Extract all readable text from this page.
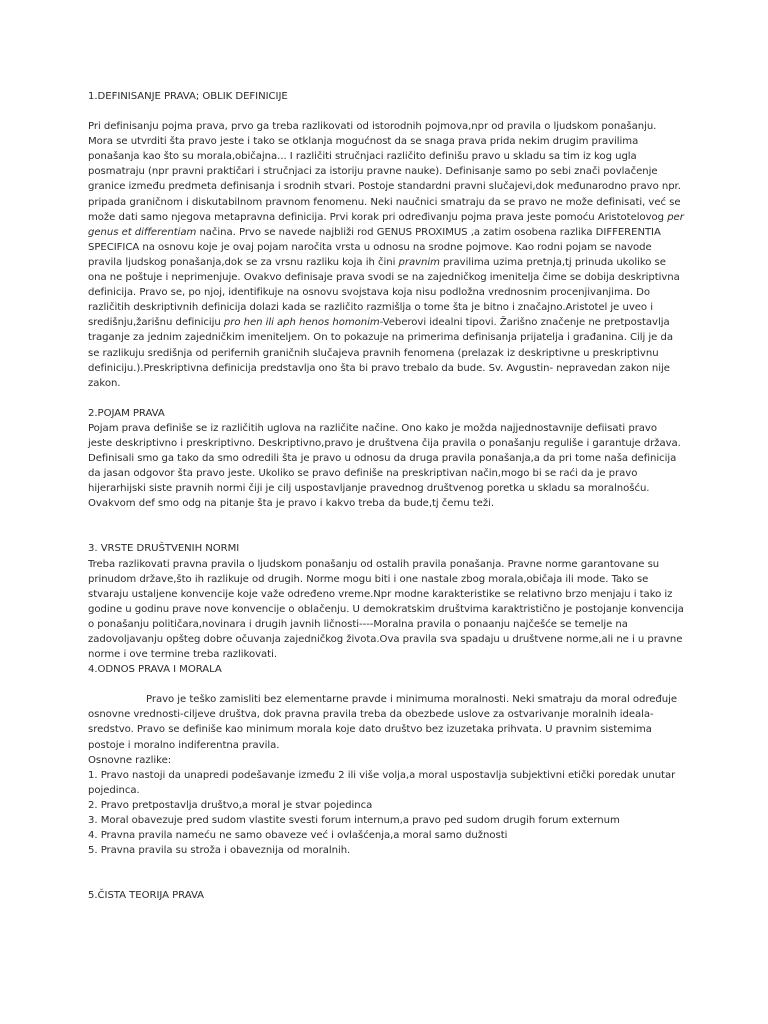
1.DEFINISANJE PRAVA; OBLIK DEFINICIJE

Pri definisanju pojma prava, prvo ga treba razlikovati od istorodnih pojmova,npr od pravila o ljudskom ponašanju. Mora se utvrditi šta pravo jeste i tako se otklanja mogućnost da se snaga prava prida nekim drugim pravilima ponašanja kao što su morala,običajna... I različiti stručnjaci različito definišu pravo u skladu sa tim iz kog ugla posmatraju (npr pravni praktičari i stručnjaci za istoriju pravne nauke). Definisanje samo po sebi znači povlačenje granice između predmeta definisanja i srodnih stvari. Postoje standardni pravni slučajevi,dok međunarodno pravo npr. pripada graničnom i diskutabilnom pravnom fenomenu. Neki naučnici smatraju da se pravo ne može definisati, već se može dati samo njegova metapravna definicija. Prvi korak pri određivanju pojma prava jeste pomoću Aristotelovog per genus et differentiam načina. Prvo se navede najbliži rod GENUS PROXIMUS ,a zatim osobena razlika DIFFERENTIA SPECIFICA na osnovu koje je ovaj pojam naročita vrsta u odnosu na srodne pojmove. Kao rodni pojam se navode pravila ljudskog ponašanja,dok se za vrsnu razliku koja ih čini pravnim pravilima uzima pretnja,tj prinuda ukoliko se ona ne poštuje i neprimenjuje. Ovakvo definisaje prava svodi se na zajedničkog imenitelja čime se dobija deskriptivna definicija. Pravo se, po njoj, identifikuje na osnovu svojstava koja nisu podložna vrednosnim procenjivanjima. Do različitih deskriptivnih definicija dolazi kada se različito razmišlja o tome šta je bitno i značajno.Aristotel je uveo i središnju,žarišnu definiciju pro hen ili aph henos homonim-Veberovi idealni tipovi. Žarišno značenje ne pretpostavlja traganje za jednim zajedničkim imeniteljem. On to pokazuje na primerima definisanja prijatelja i građanina. Cilj je da se razlikuju središnja od perifernih graničnih slučajeva pravnih fenomena (prelazak iz deskriptivne u preskriptivnu definiciju.).Preskriptivna definicija predstavlja ono šta bi pravo trebalo da bude. Sv. Avgustin- nepravedan zakon nije zakon.

2.POJAM PRAVA

Pojam prava definiše se iz različitih uglova na različite načine. Ono kako je možda najjednostavnije defiisati pravo jeste deskriptivno i preskriptivno. Deskriptivno,pravo je društvena čija pravila o ponašanju reguliše i garantuje država. Definisali smo ga tako da smo odredili šta je pravo u odnosu da druga pravila ponašanja,a da pri tome naša definicija da jasan odgovor šta pravo jeste. Ukoliko se pravo definiše na preskriptivan način,mogo bi se raći da je pravo hijerarhijski siste pravnih normi čiji je cilj uspostavljanje pravednog društvenog poretka u skladu sa moralnošću. Ovakvom def smo odg na pitanje šta je pravo i kakvo treba da bude,tj čemu teži.

3. VRSTE DRUŠTVENIH NORMI

Treba razlikovati pravna pravila o ljudskom ponašanju od ostalih pravila ponašanja. Pravne norme garantovane su prinudom države,što ih razlikuje od drugih. Norme mogu biti i one nastale zbog morala,običaja ili mode. Tako se stvaraju ustaljene konvencije koje važe određeno vreme.Npr modne karakteristike se relativno brzo menjaju i tako iz godine u godinu prave nove konvencije o oblačenju. U demokratskim društvima karaktristično je postojanje konvencija o ponašanju političara,novinara i drugih javnih ličnosti----Moralna pravila o ponaanju najčešće se temelje na zadovoljavanju opšteg dobre očuvanja zajedničkog života.Ova pravila sva spadaju u društvene norme,ali ne i u pravne norme i ove termine treba razlikovati.

4.ODNOS PRAVA I MORALA

Pravo je teško zamisliti bez elementarne pravde i minimuma moralnosti. Neki smatraju da moral određuje osnovne vrednosti-ciljeve društva, dok pravna pravila treba da obezbede uslove za ostvarivanje moralnih ideala-sredstvo. Pravo se definiše kao minimum morala koje dato društvo bez izuzetaka prihvata. U pravnim sistemima postoje i moralno indiferentna pravila.

Osnovne razlike:

1. Pravo nastoji da unapredi podešavanje između 2 ili više volja,a moral uspostavlja subjektivni etički poredak unutar pojedinca.

2. Pravo pretpostavlja društvo,a moral je stvar pojedinca

3. Moral obavezuje pred sudom vlastite svesti forum internum,a pravo ped sudom drugih forum externum

4. Pravna pravila nameću ne samo obaveze već i ovlašćenja,a moral samo dužnosti

5. Pravna pravila su stroža i obaveznija od moralnih.

5.ČISTA TEORIJA PRAVA
